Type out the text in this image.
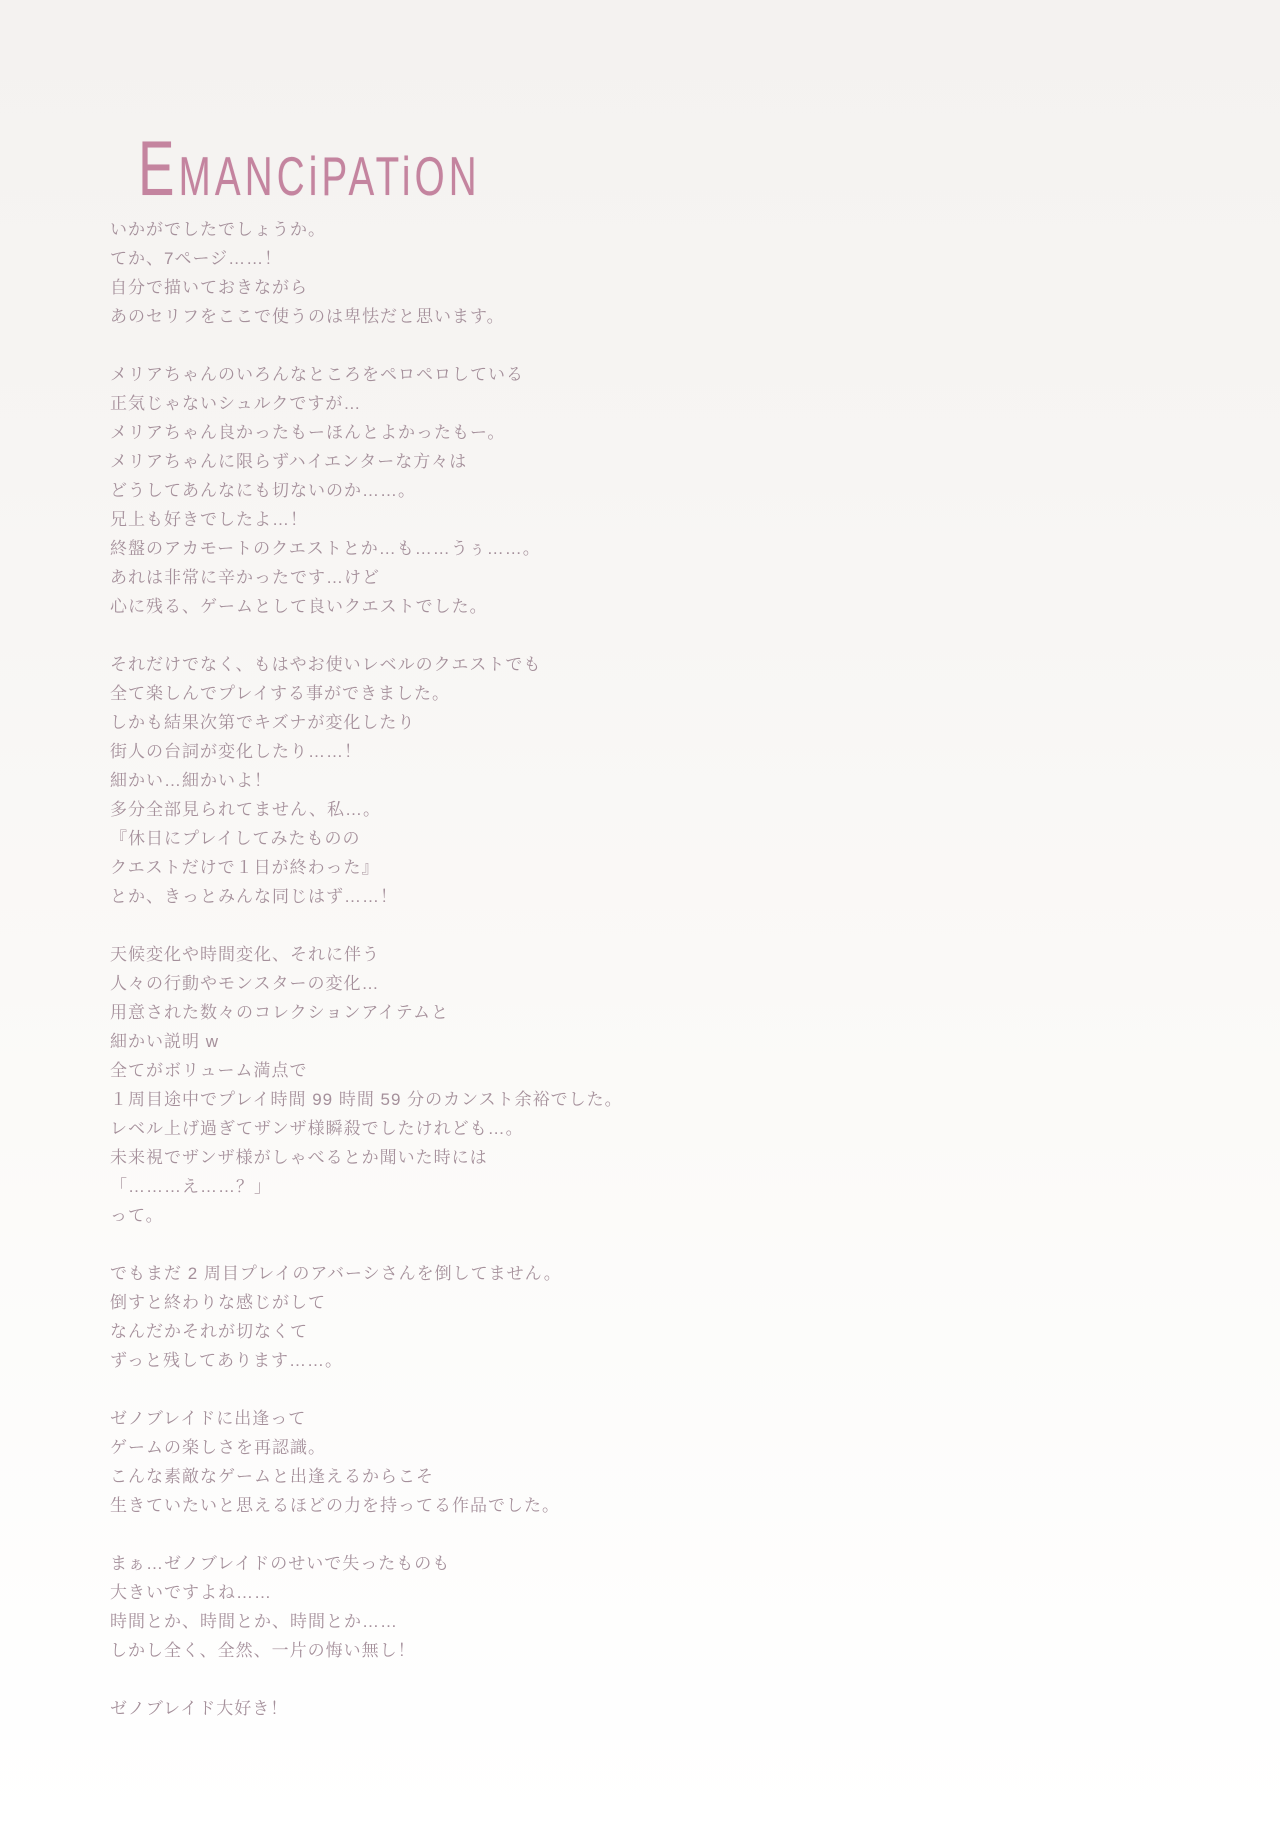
EMANCiPATiON
いかがでしたでしょうか。
てか、7ページ……！
自分で描いておきながら
あのセリフをここで使うのは卑怯だと思います。
メリアちゃんのいろんなところをペロペロしている
正気じゃないシュルクですが…
メリアちゃん良かったもーほんとよかったもー。
メリアちゃんに限らずハイエンターな方々は
どうしてあんなにも切ないのか……。
兄上も好きでしたよ…！
終盤のアカモートのクエストとか…も……うぅ……。
あれは非常に辛かったです…けど
心に残る、ゲームとして良いクエストでした。
それだけでなく、もはやお使いレベルのクエストでも
全て楽しんでプレイする事ができました。
しかも結果次第でキズナが変化したり
街人の台詞が変化したり……！
細かい…細かいよ！
多分全部見られてません、私…。
『休日にプレイしてみたものの
クエストだけで１日が終わった』
とか、きっとみんな同じはず……！
天候変化や時間変化、それに伴う
人々の行動やモンスターの変化…
用意された数々のコレクションアイテムと
細かい説明 w
全てがボリューム満点で
１周目途中でプレイ時間 99 時間 59 分のカンスト余裕でした。
レベル上げ過ぎてザンザ様瞬殺でしたけれども…。
未来視でザンザ様がしゃべるとか聞いた時には
「………え……？」
って。
でもまだ 2 周目プレイのアバーシさんを倒してません。
倒すと終わりな感じがして
なんだかそれが切なくて
ずっと残してあります……。
ゼノブレイドに出逢って
ゲームの楽しさを再認識。
こんな素敵なゲームと出逢えるからこそ
生きていたいと思えるほどの力を持ってる作品でした。
まぁ…ゼノブレイドのせいで失ったものも
大きいですよね……
時間とか、時間とか、時間とか……
しかし全く、全然、一片の悔い無し！
ゼノブレイド大好き！
